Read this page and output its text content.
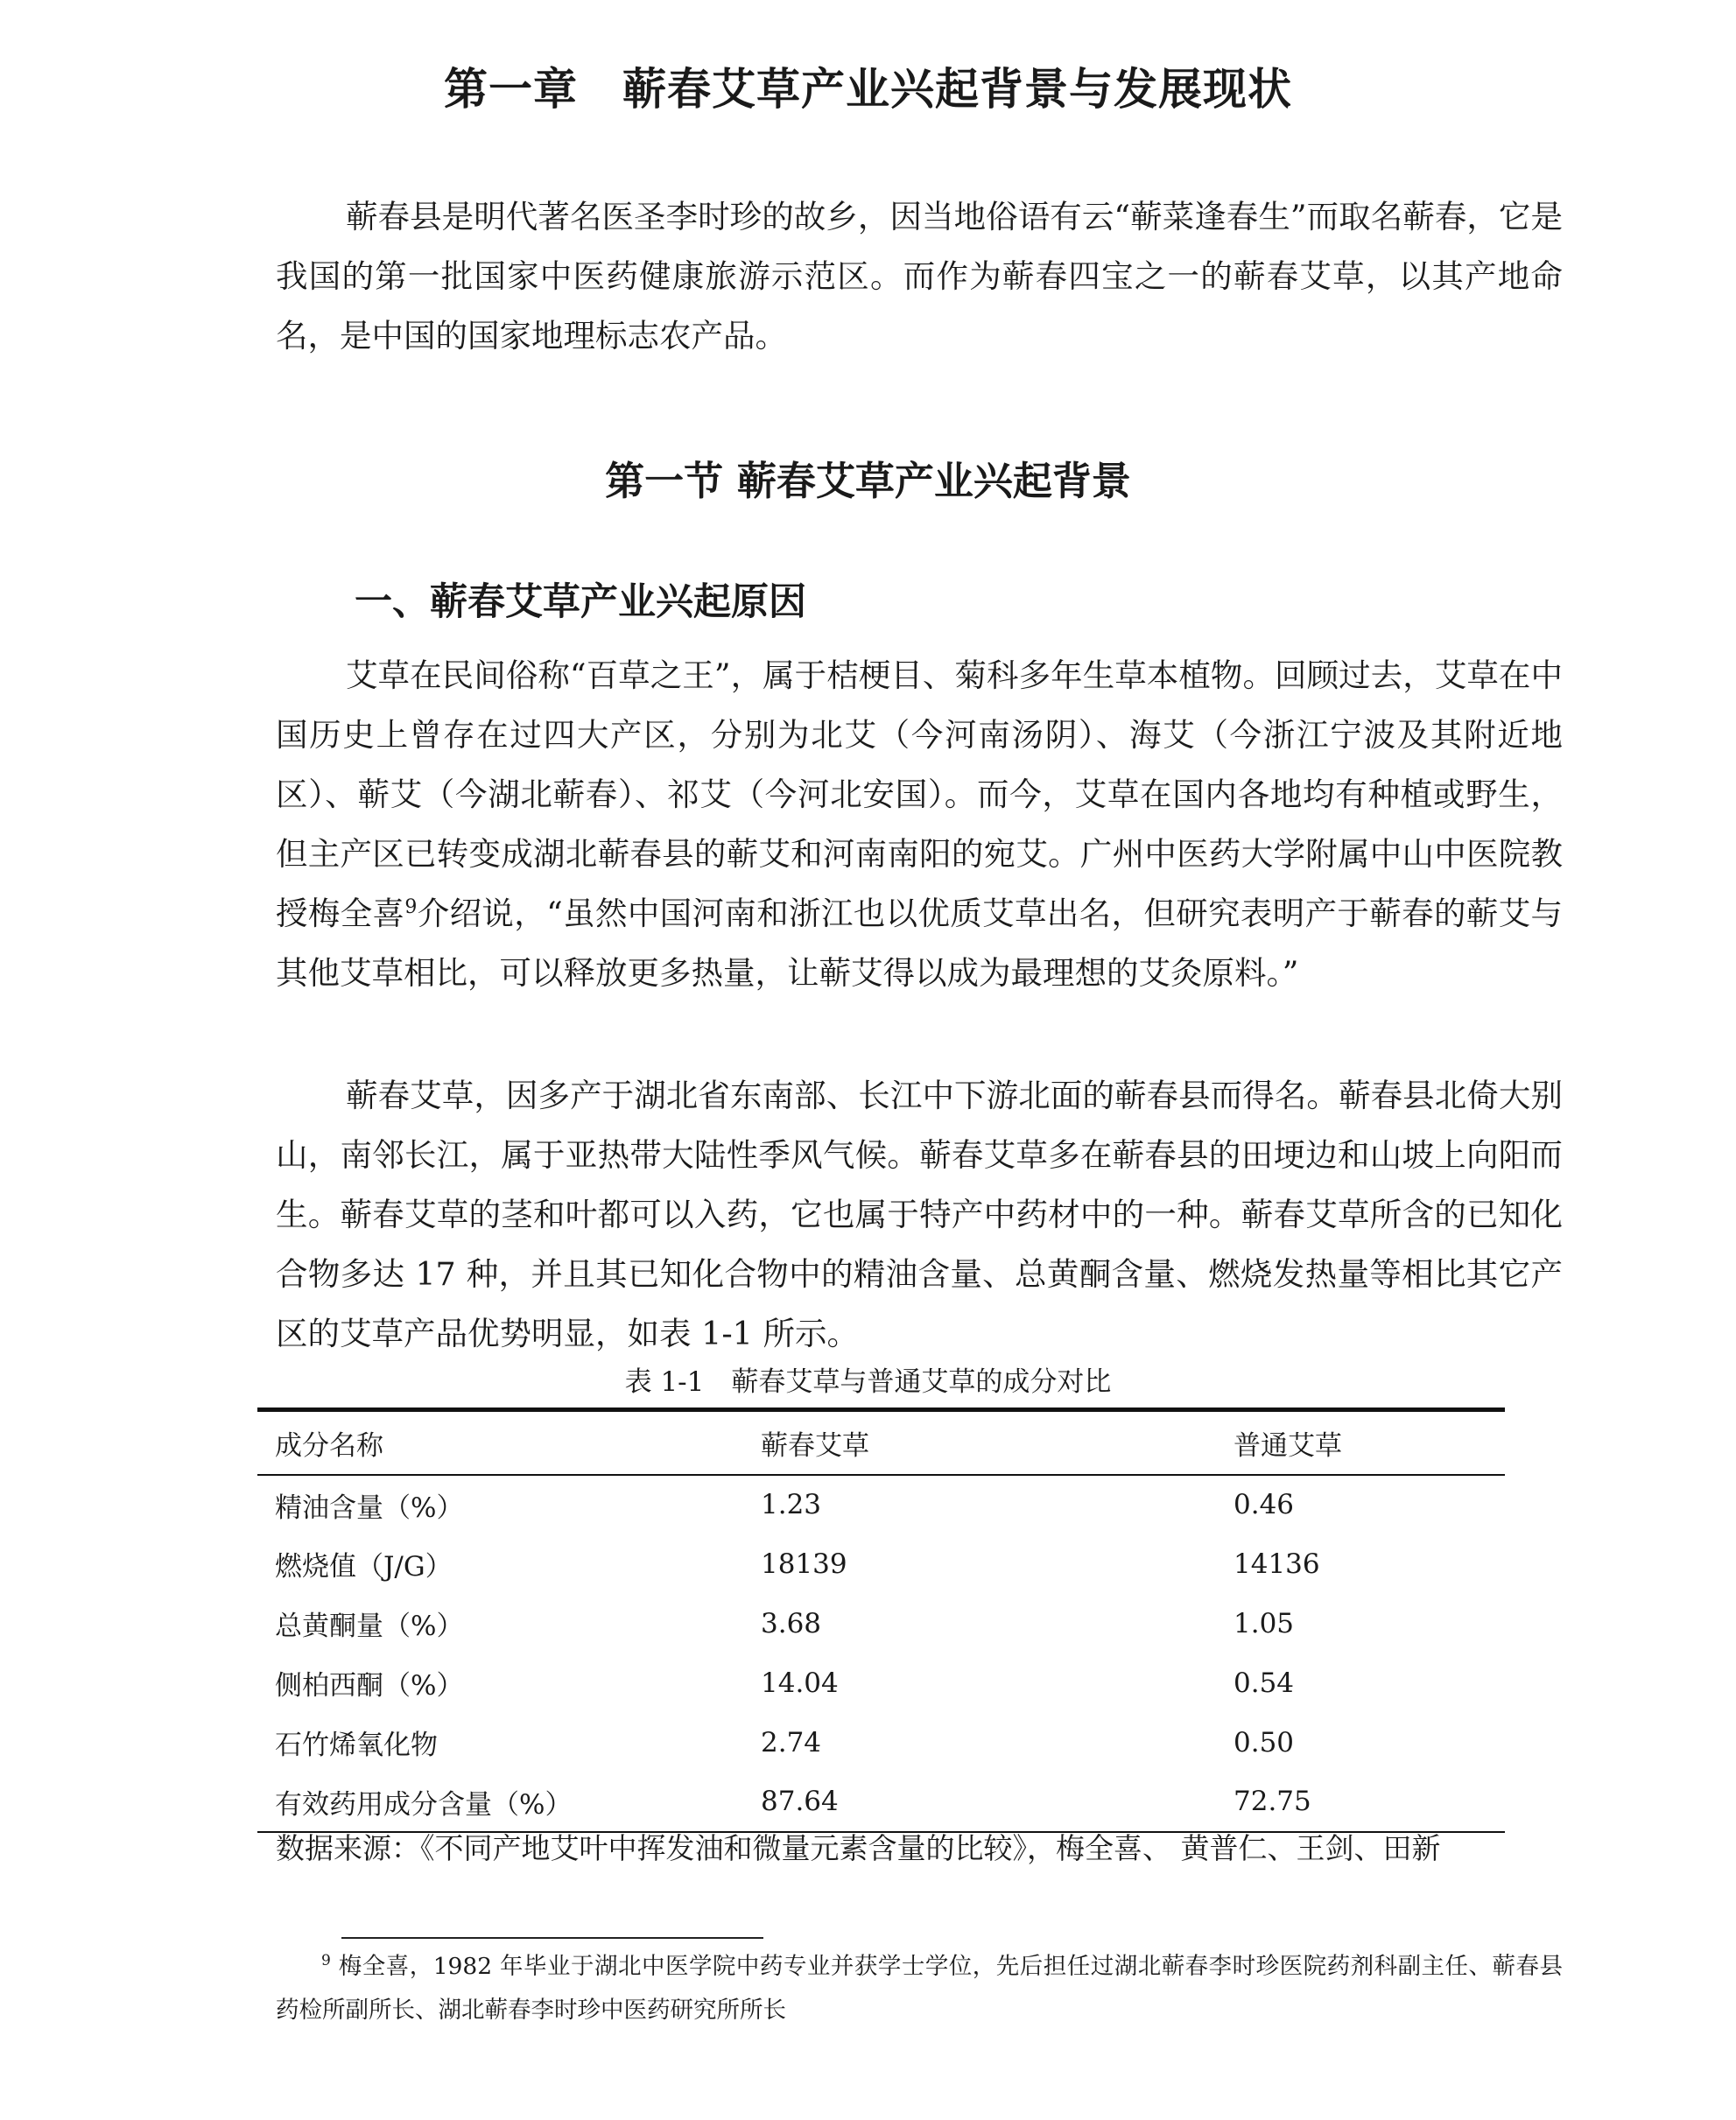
第一章　蕲春艾草产业兴起背景与发展现状

蕲春县是明代著名医圣李时珍的故乡，因当地俗语有云“蕲菜逢春生”而取名蕲春，它是我国的第一批国家中医药健康旅游示范区。而作为蕲春四宝之一的蕲春艾草，以其产地命名，是中国的国家地理标志农产品。

第一节 蕲春艾草产业兴起背景
一、蕲春艾草产业兴起原因

艾草在民间俗称“百草之王”，属于桔梗目、菊科多年生草本植物。回顾过去，艾草在中国历史上曾存在过四大产区，分别为北艾（今河南汤阴）、海艾（今浙江宁波及其附近地区）、蕲艾（今湖北蕲春）、祁艾（今河北安国）。而今，艾草在国内各地均有种植或野生，但主产区已转变成湖北蕲春县的蕲艾和河南南阳的宛艾。广州中医药大学附属中山中医院教授梅全喜$^9$介绍说，“虽然中国河南和浙江也以优质艾草出名，但研究表明产于蕲春的蕲艾与其他艾草相比，可以释放更多热量，让蕲艾得以成为最理想的艾灸原料。”

蕲春艾草，因多产于湖北省东南部、长江中下游北面的蕲春县而得名。蕲春县北倚大别山，南邻长江，属于亚热带大陆性季风气候。蕲春艾草多在蕲春县的田埂边和山坡上向阳而生。蕲春艾草的茎和叶都可以入药，它也属于特产中药材中的一种。蕲春艾草所含的已知化合物多达 17 种，并且其已知化合物中的精油含量、总黄酮含量、燃烧发热量等相比其它产区的艾草产品优势明显，如表 1-1 所示。

表 1-1　蕲春艾草与普通艾草的成分对比

成分名称	蕲春艾草	普通艾草
精油含量（%）	1.23	0.46
燃烧值（J/G）	18139	14136
总黄酮量（%）	3.68	1.05
侧柏西酮（%）	14.04	0.54
石竹烯氧化物	2.74	0.50
有效药用成分含量（%）	87.64	72.75

数据来源：《不同产地艾叶中挥发油和微量元素含量的比较》，梅全喜、 黄普仁、王剑、田新

$^9$ 梅全喜，1982 年毕业于湖北中医学院中药专业并获学士学位，先后担任过湖北蕲春李时珍医院药剂科副主任、蕲春县药检所副所长、湖北蕲春李时珍中医药研究所所长
